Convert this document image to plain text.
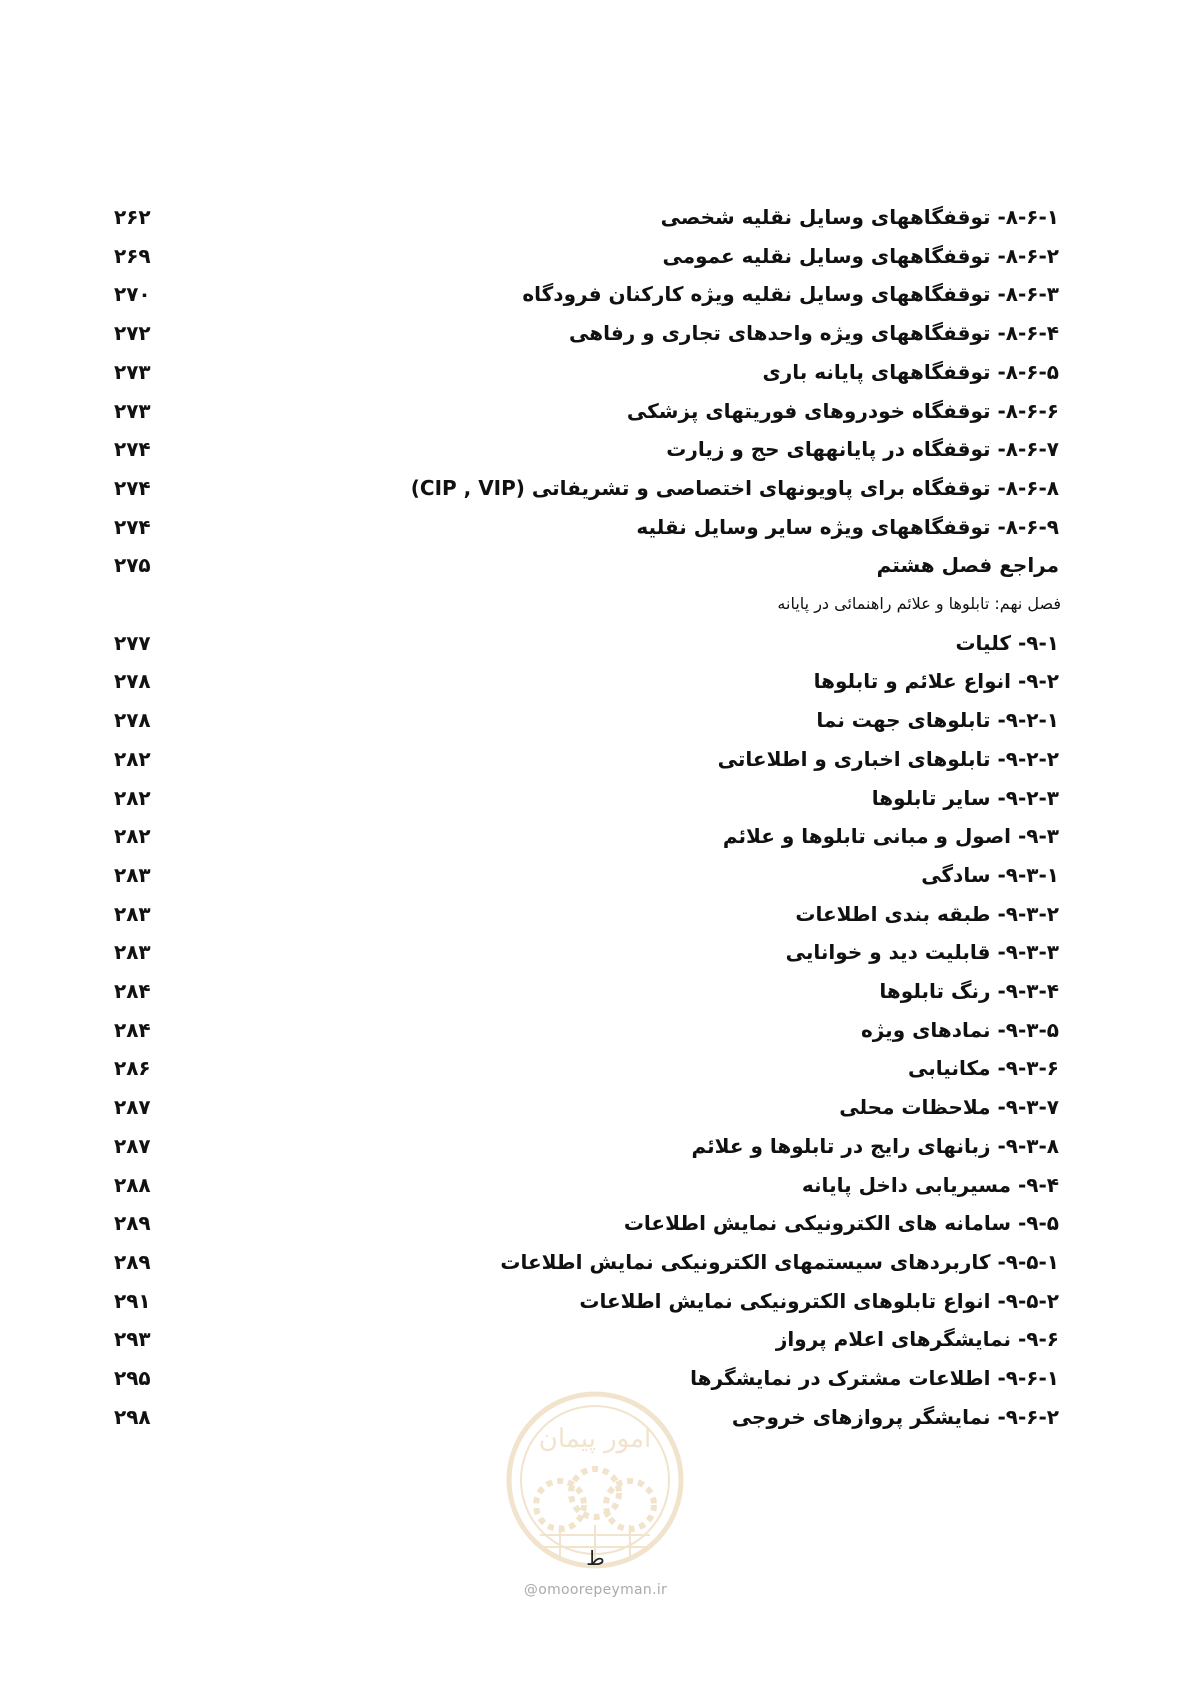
۸-۶-۱- توقفگاههای وسایل نقلیه شخصی
۲۶۲
۸-۶-۲- توقفگاههای وسایل نقلیه عمومی
۲۶۹
۸-۶-۳- توقفگاههای وسایل نقلیه ویژه کارکنان فرودگاه
۲۷۰
۸-۶-۴- توقفگاههای ویژه واحدهای تجاری و رفاهی
۲۷۲
۸-۶-۵- توقفگاههای پایانه باری
۲۷۳
۸-۶-۶- توقفگاه خودروهای فوریتهای پزشکی
۲۷۳
۸-۶-۷- توقفگاه در پایانههای حج و زیارت
۲۷۴
۸-۶-۸- توقفگاه برای پاویونهای اختصاصی و تشریفاتی (CIP , VIP)
۲۷۴
۸-۶-۹- توقفگاههای ویژه سایر وسایل نقلیه
۲۷۴
مراجع فصل هشتم
۲۷۵
فصل نهم: تابلوها و علائم راهنمائی در پایانه
۹-۱- کلیات
۲۷۷
۹-۲- انواع علائم و تابلوها
۲۷۸
۹-۲-۱- تابلوهای جهت نما
۲۷۸
۹-۲-۲- تابلوهای اخباری و اطلاعاتی
۲۸۲
۹-۲-۳- سایر تابلوها
۲۸۲
۹-۳- اصول و مبانی تابلوها و علائم
۲۸۲
۹-۳-۱- سادگی
۲۸۳
۹-۳-۲- طبقه بندی اطلاعات
۲۸۳
۹-۳-۳- قابلیت دید و خوانایی
۲۸۳
۹-۳-۴- رنگ تابلوها
۲۸۴
۹-۳-۵- نمادهای ویژه
۲۸۴
۹-۳-۶- مکانیابی
۲۸۶
۹-۳-۷- ملاحظات محلی
۲۸۷
۹-۳-۸- زبانهای رایج در تابلوها و علائم
۲۸۷
۹-۴- مسیریابی داخل پایانه
۲۸۸
۹-۵- سامانه های الکترونیکی نمایش اطلاعات
۲۸۹
۹-۵-۱- کاربردهای سیستمهای الکترونیکی نمایش اطلاعات
۲۸۹
۹-۵-۲- انواع تابلوهای الکترونیکی نمایش اطلاعات
۲۹۱
۹-۶- نمایشگرهای اعلام پرواز
۲۹۳
۹-۶-۱- اطلاعات مشترک در نمایشگرها
۲۹۵
۹-۶-۲- نمایشگر پروازهای خروجی
۲۹۸
امور پیمان
ط
@omoorepeyman.ir
